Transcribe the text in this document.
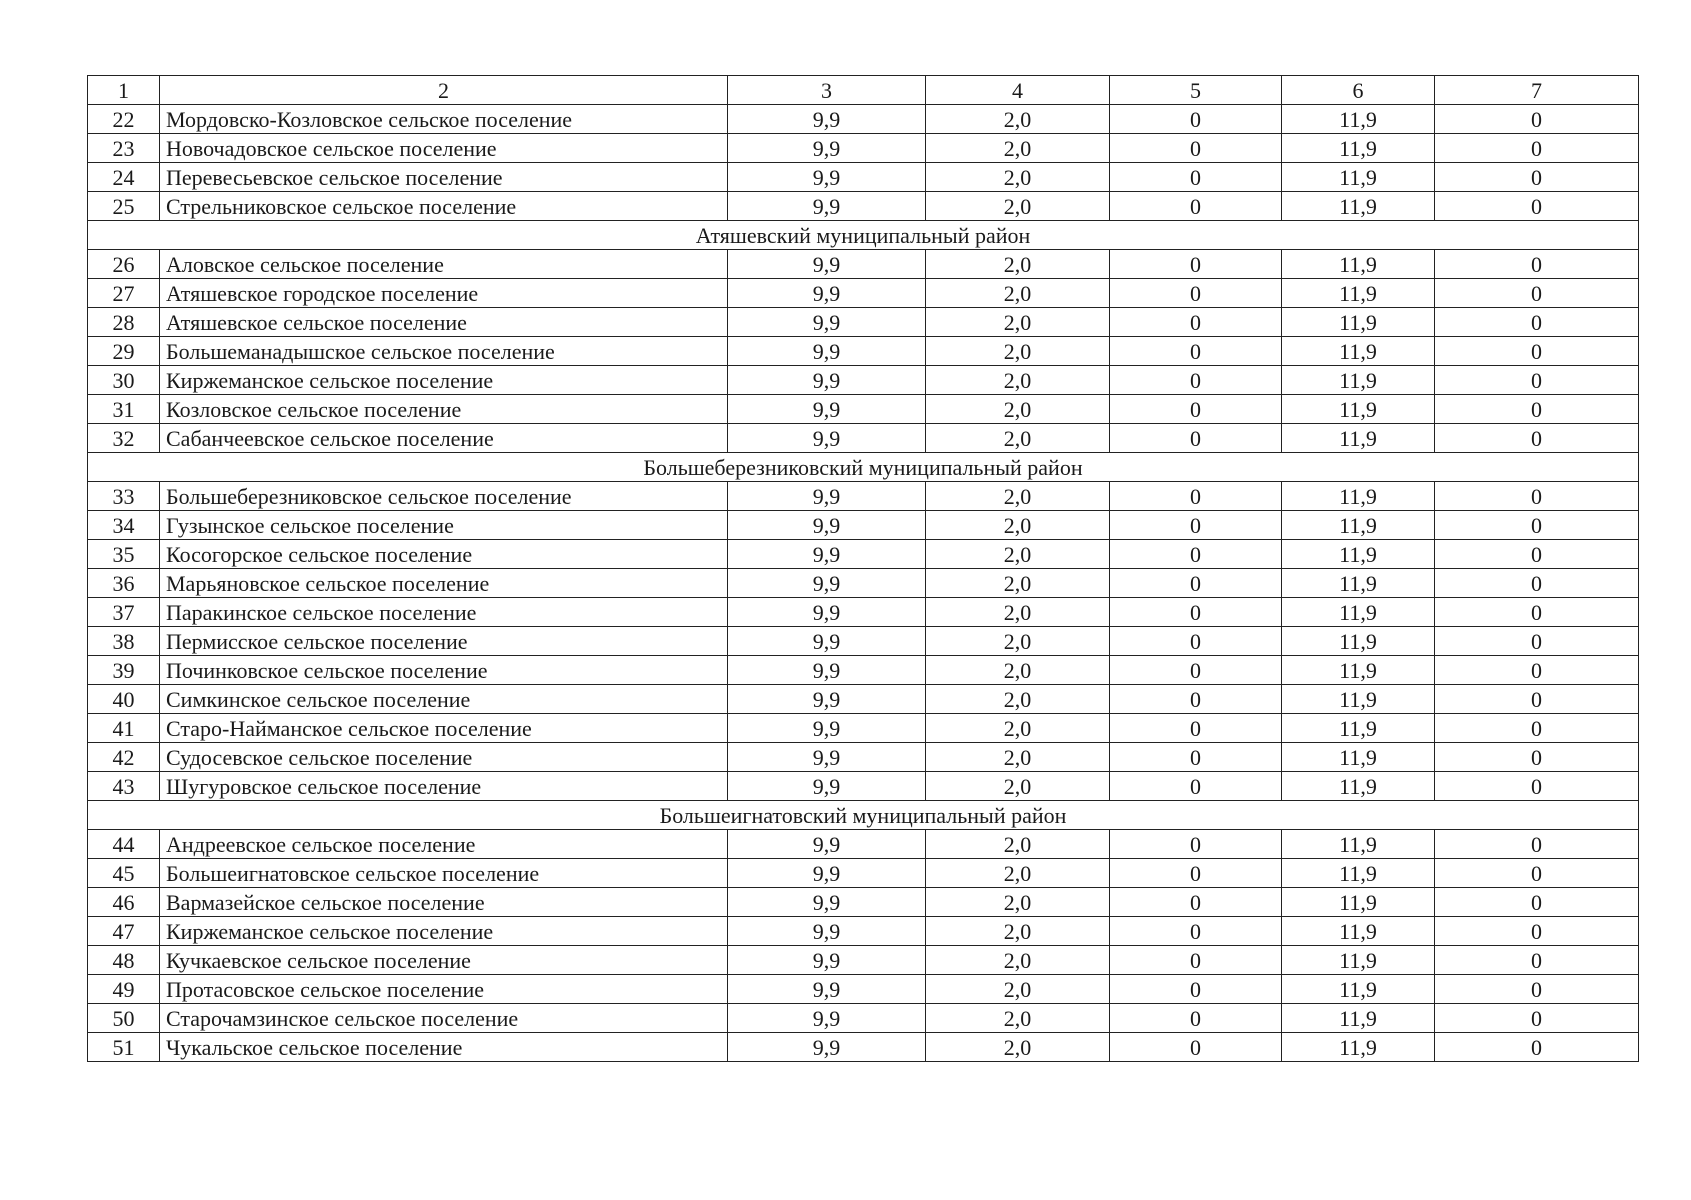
1	2	3	4	5	6	7
22	Мордовско-Козловское сельское поселение	9,9	2,0	0	11,9	0
23	Новочадовское сельское поселение	9,9	2,0	0	11,9	0
24	Перевесьевское сельское поселение	9,9	2,0	0	11,9	0
25	Стрельниковское сельское поселение	9,9	2,0	0	11,9	0
Атяшевский муниципальный район						
26	Аловское сельское поселение	9,9	2,0	0	11,9	0
27	Атяшевское городское поселение	9,9	2,0	0	11,9	0
28	Атяшевское сельское поселение	9,9	2,0	0	11,9	0
29	Большеманадышское сельское поселение	9,9	2,0	0	11,9	0
30	Киржеманское сельское поселение	9,9	2,0	0	11,9	0
31	Козловское сельское поселение	9,9	2,0	0	11,9	0
32	Сабанчеевское сельское поселение	9,9	2,0	0	11,9	0
Большеберезниковский муниципальный район						
33	Большеберезниковское сельское поселение	9,9	2,0	0	11,9	0
34	Гузынское сельское поселение	9,9	2,0	0	11,9	0
35	Косогорское сельское поселение	9,9	2,0	0	11,9	0
36	Марьяновское сельское поселение	9,9	2,0	0	11,9	0
37	Паракинское сельское поселение	9,9	2,0	0	11,9	0
38	Пермисское сельское поселение	9,9	2,0	0	11,9	0
39	Починковское сельское поселение	9,9	2,0	0	11,9	0
40	Симкинское сельское поселение	9,9	2,0	0	11,9	0
41	Старо-Найманское сельское поселение	9,9	2,0	0	11,9	0
42	Судосевское сельское поселение	9,9	2,0	0	11,9	0
43	Шугуровское сельское поселение	9,9	2,0	0	11,9	0
Большеигнатовский муниципальный район						
44	Андреевское сельское поселение	9,9	2,0	0	11,9	0
45	Большеигнатовское сельское поселение	9,9	2,0	0	11,9	0
46	Вармазейское сельское поселение	9,9	2,0	0	11,9	0
47	Киржеманское сельское поселение	9,9	2,0	0	11,9	0
48	Кучкаевское сельское поселение	9,9	2,0	0	11,9	0
49	Протасовское сельское поселение	9,9	2,0	0	11,9	0
50	Старочамзинское сельское поселение	9,9	2,0	0	11,9	0
51	Чукальское сельское поселение	9,9	2,0	0	11,9	0
